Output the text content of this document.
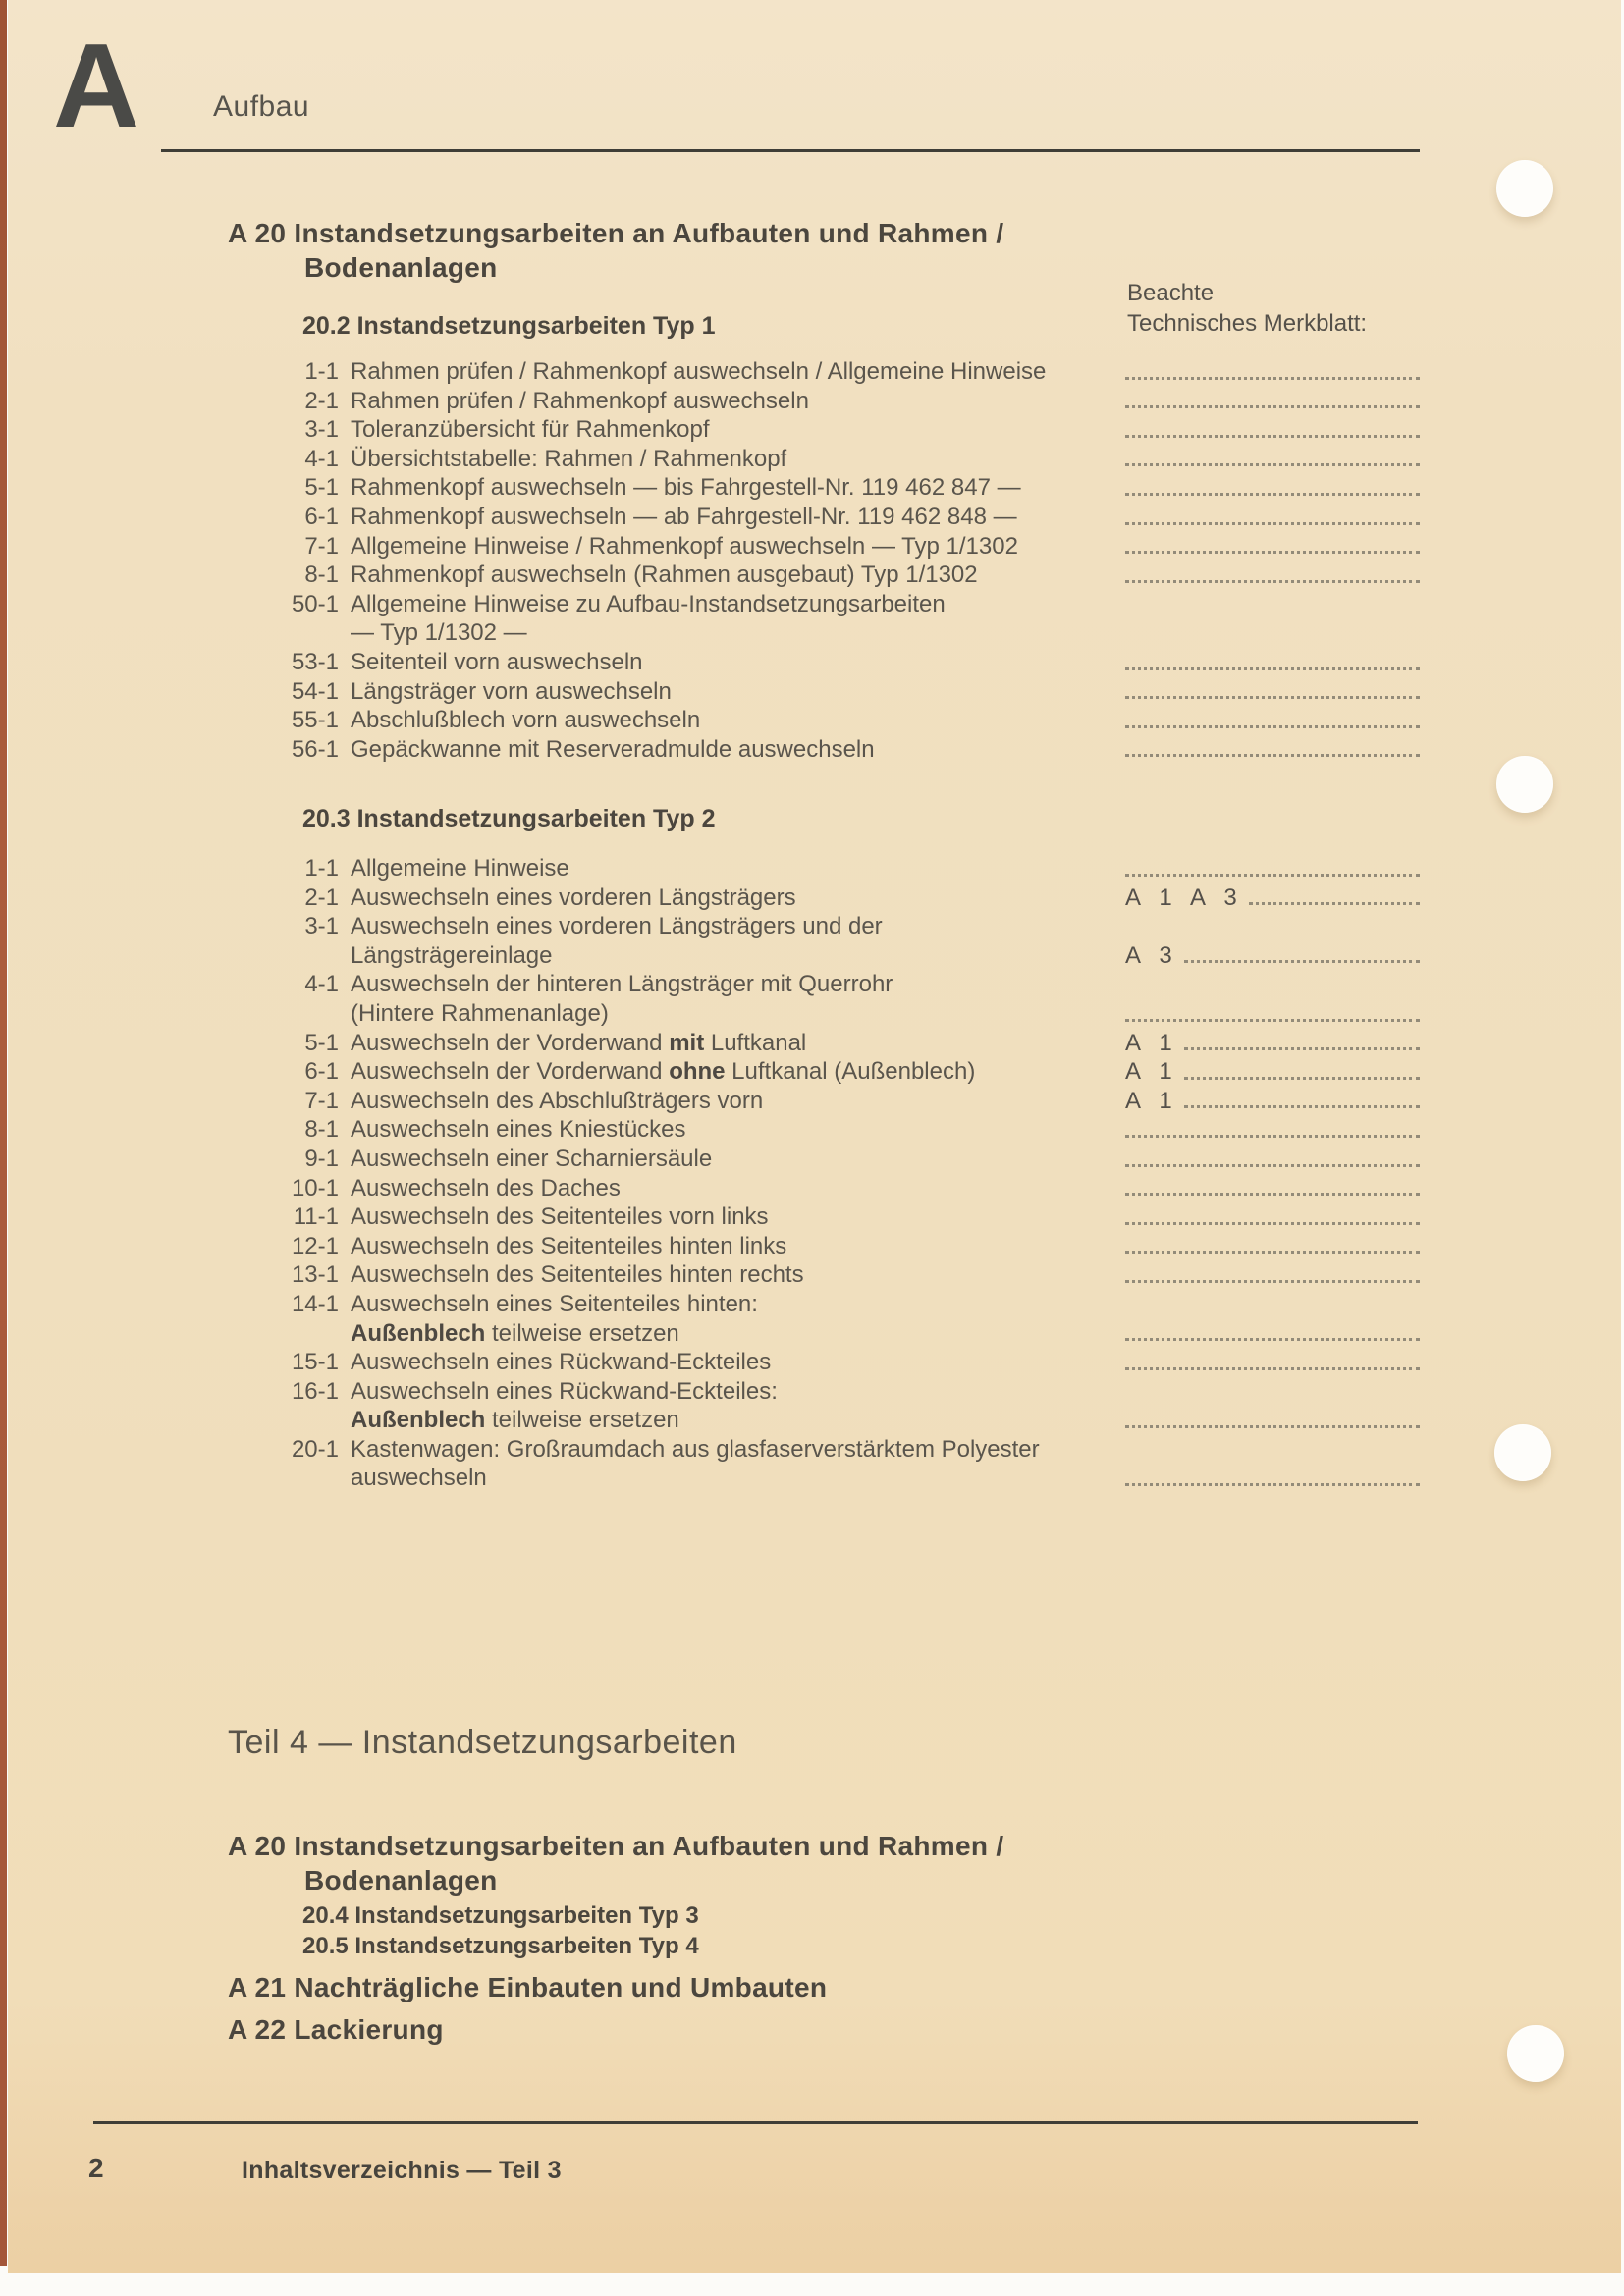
A Aufbau
A 20 Instandsetzungsarbeiten an Aufbauten und Rahmen /
Bodenanlagen
Beachte
Technisches Merkblatt:
20.2 Instandsetzungsarbeiten Typ 1
1-1 Rahmen prüfen / Rahmenkopf auswechseln / Allgemeine Hinweise
2-1 Rahmen prüfen / Rahmenkopf auswechseln
3-1 Toleranzübersicht für Rahmenkopf
4-1 Übersichtstabelle: Rahmen / Rahmenkopf
5-1 Rahmenkopf auswechseln — bis Fahrgestell-Nr. 119 462 847 —
6-1 Rahmenkopf auswechseln — ab Fahrgestell-Nr. 119 462 848 —
7-1 Allgemeine Hinweise / Rahmenkopf auswechseln — Typ 1/1302
8-1 Rahmenkopf auswechseln (Rahmen ausgebaut) Typ 1/1302
50-1 Allgemeine Hinweise zu Aufbau-Instandsetzungsarbeiten
— Typ 1/1302 —
53-1 Seitenteil vorn auswechseln
54-1 Längsträger vorn auswechseln
55-1 Abschlußblech vorn auswechseln
56-1 Gepäckwanne mit Reserveradmulde auswechseln
20.3 Instandsetzungsarbeiten Typ 2
1-1 Allgemeine Hinweise
2-1 Auswechseln eines vorderen Längsträgers	A 1 A 3
3-1 Auswechseln eines vorderen Längsträgers und der
Längsträgereinlage	A 3
4-1 Auswechseln der hinteren Längsträger mit Querrohr
(Hintere Rahmenanlage)
5-1 Auswechseln der Vorderwand mit Luftkanal	A 1
6-1 Auswechseln der Vorderwand ohne Luftkanal (Außenblech)	A 1
7-1 Auswechseln des Abschlußträgers vorn	A 1
8-1 Auswechseln eines Kniestückes
9-1 Auswechseln einer Scharniersäule
10-1 Auswechseln des Daches
11-1 Auswechseln des Seitenteiles vorn links
12-1 Auswechseln des Seitenteiles hinten links
13-1 Auswechseln des Seitenteiles hinten rechts
14-1 Auswechseln eines Seitenteiles hinten:
Außenblech teilweise ersetzen
15-1 Auswechseln eines Rückwand-Eckteiles
16-1 Auswechseln eines Rückwand-Eckteiles:
Außenblech teilweise ersetzen
20-1 Kastenwagen: Großraumdach aus glasfaserverstärktem Polyester
auswechseln
Teil 4 — Instandsetzungsarbeiten
A 20 Instandsetzungsarbeiten an Aufbauten und Rahmen /
Bodenanlagen
20.4 Instandsetzungsarbeiten Typ 3
20.5 Instandsetzungsarbeiten Typ 4
A 21 Nachträgliche Einbauten und Umbauten
A 22 Lackierung
2	Inhaltsverzeichnis — Teil 3
